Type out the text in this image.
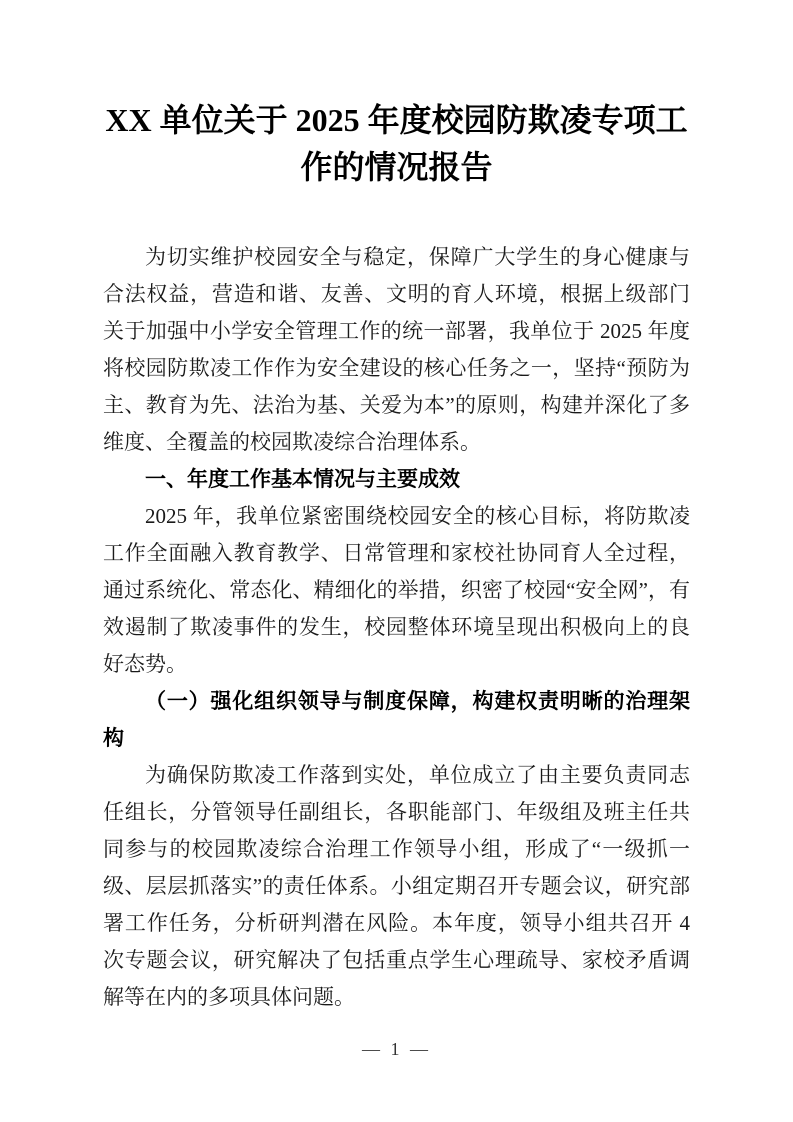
XX 单位关于 2025 年度校园防欺凌专项工作的情况报告

为切实维护校园安全与稳定，保障广大学生的身心健康与合法权益，营造和谐、友善、文明的育人环境，根据上级部门关于加强中小学安全管理工作的统一部署，我单位于 2025 年度将校园防欺凌工作作为安全建设的核心任务之一，坚持“预防为主、教育为先、法治为基、关爱为本”的原则，构建并深化了多维度、全覆盖的校园欺凌综合治理体系。

一、年度工作基本情况与主要成效

2025 年，我单位紧密围绕校园安全的核心目标，将防欺凌工作全面融入教育教学、日常管理和家校社协同育人全过程，通过系统化、常态化、精细化的举措，织密了校园“安全网”，有效遏制了欺凌事件的发生，校园整体环境呈现出积极向上的良好态势。

（一）强化组织领导与制度保障，构建权责明晰的治理架构

为确保防欺凌工作落到实处，单位成立了由主要负责同志任组长，分管领导任副组长，各职能部门、年级组及班主任共同参与的校园欺凌综合治理工作领导小组，形成了“一级抓一级、层层抓落实”的责任体系。小组定期召开专题会议，研究部署工作任务，分析研判潜在风险。本年度，领导小组共召开 4 次专题会议，研究解决了包括重点学生心理疏导、家校矛盾调解等在内的多项具体问题。

— 1 —
